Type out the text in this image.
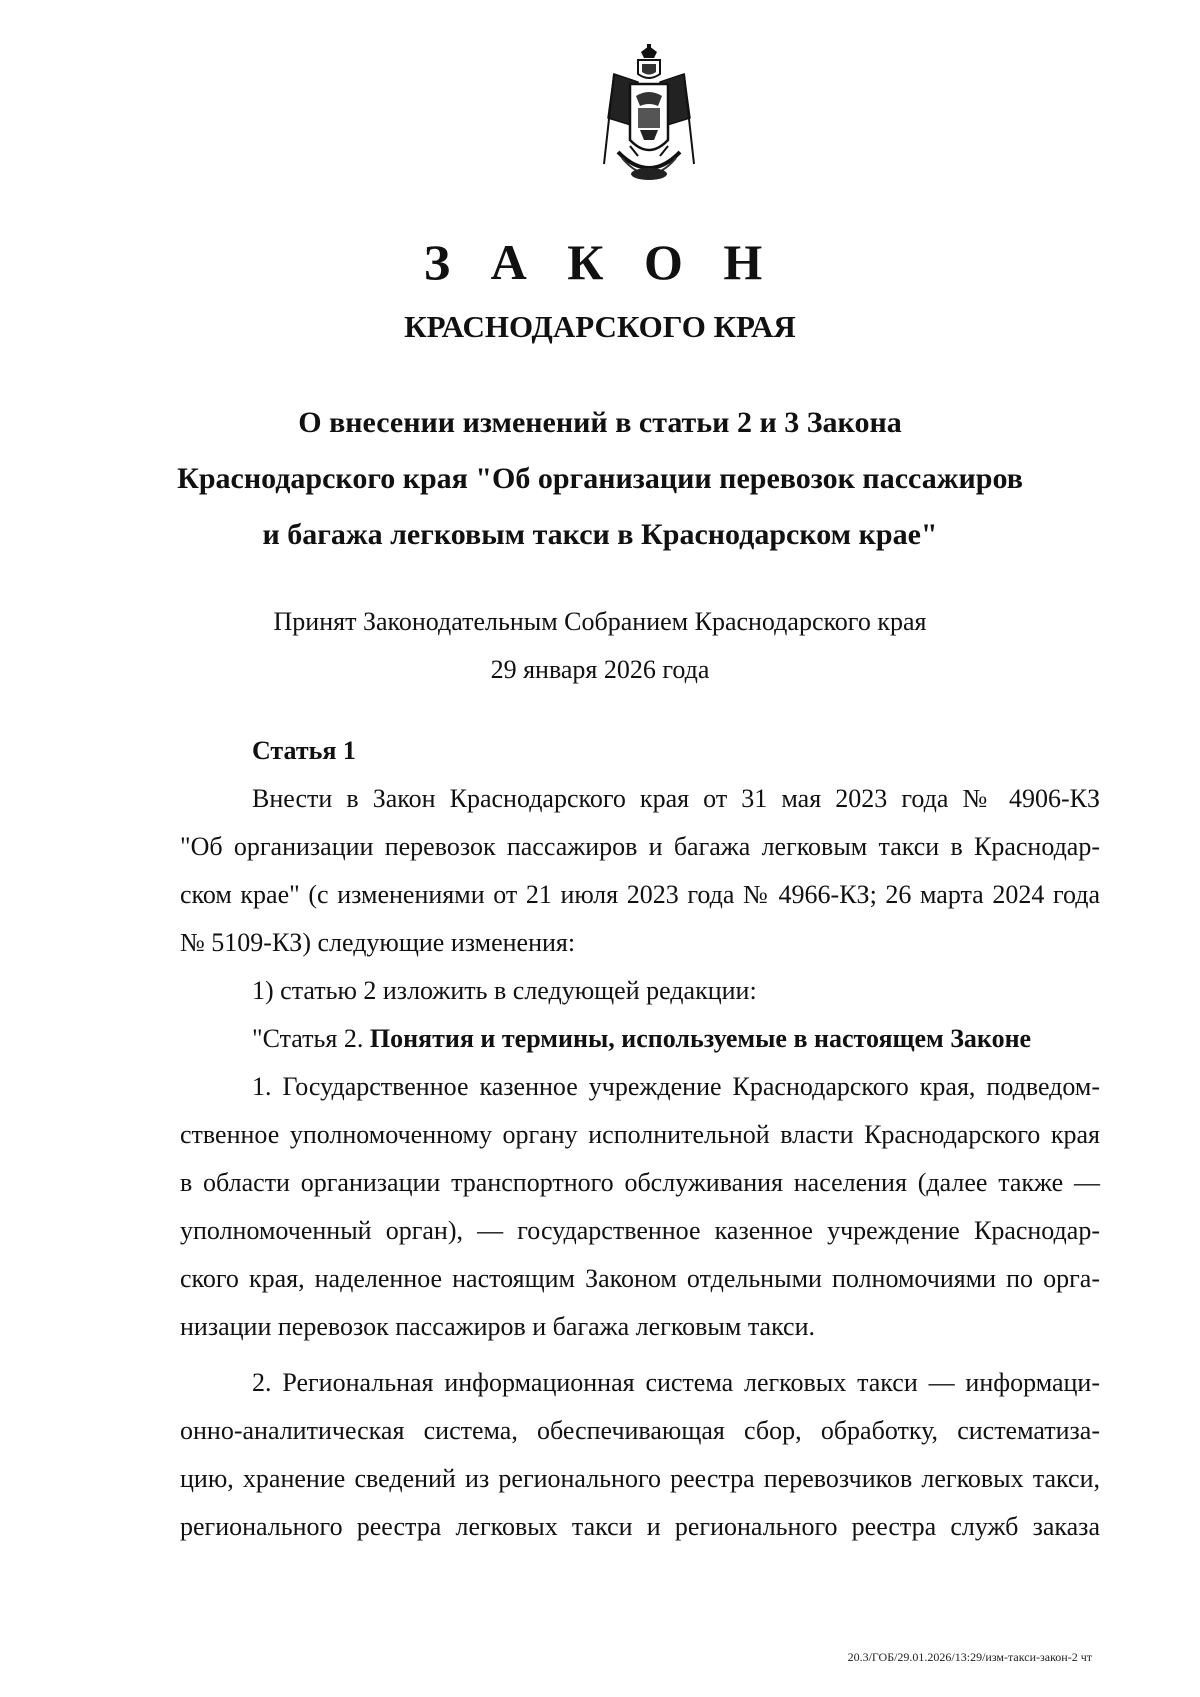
З А К О Н
КРАСНОДАРСКОГО КРАЯ
О внесении изменений в статьи 2 и 3 Закона
Краснодарского края "Об организации перевозок пассажиров
и багажа легковым такси в Краснодарском крае"
Принят Законодательным Собранием Краснодарского края
29 января 2026 года
Статья 1
Внести в Закон Краснодарского края от 31 мая 2023 года № 4906-КЗ
"Об организации перевозок пассажиров и багажа легковым такси в Краснодар-
ском крае" (с изменениями от 21 июля 2023 года № 4966-КЗ; 26 марта 2024 года
№ 5109-КЗ) следующие изменения:
1) статью 2 изложить в следующей редакции:
"Статья 2. Понятия и термины, используемые в настоящем Законе
1. Государственное казенное учреждение Краснодарского края, подведом-
ственное уполномоченному органу исполнительной власти Краснодарского края
в области организации транспортного обслуживания населения (далее также —
уполномоченный орган), — государственное казенное учреждение Краснодар-
ского края, наделенное настоящим Законом отдельными полномочиями по орга-
низации перевозок пассажиров и багажа легковым такси.
2. Региональная информационная система легковых такси — информаци-
онно-аналитическая система, обеспечивающая сбор, обработку, систематиза-
цию, хранение сведений из регионального реестра перевозчиков легковых такси,
регионального реестра легковых такси и регионального реестра служб заказа
20.3/ГОБ/29.01.2026/13:29/изм-такси-закон-2 чт
